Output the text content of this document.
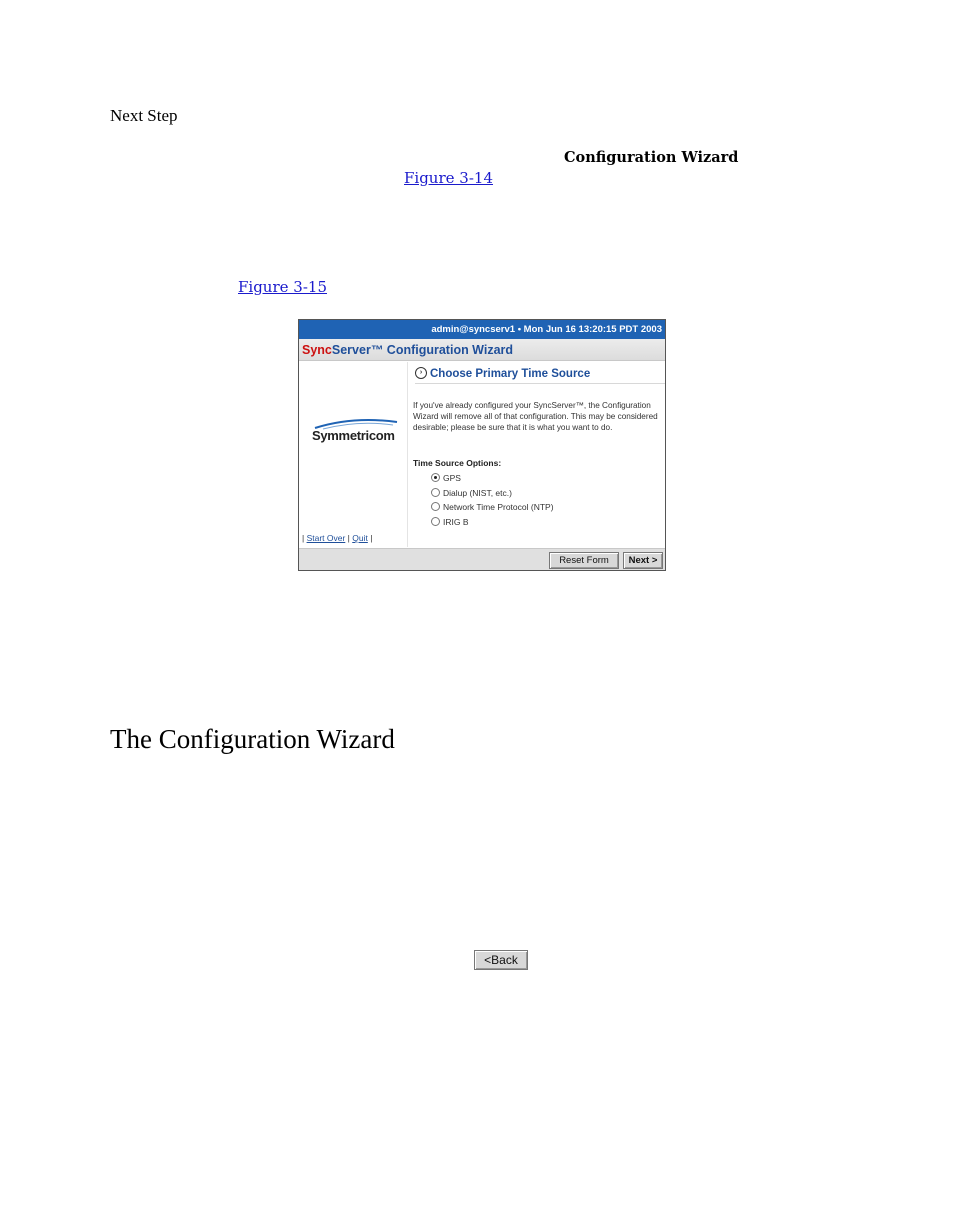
Next Step
Configuration Wizard
Figure 3-14
Figure 3-15
admin@syncserv1 • Mon Jun 16 13:20:15 PDT 2003
SyncServer™ Configuration Wizard
Symmetricom
› Choose Primary Time Source
If you've already configured your SyncServer™, the Configuration Wizard will remove all of that configuration. This may be considered desirable; please be sure that it is what you want to do.
Time Source Options:
GPS
Dialup (NIST, etc.)
Network Time Protocol (NTP)
IRIG B
| Start Over | Quit |
Reset Form	Next >
The Configuration Wizard
<Back
